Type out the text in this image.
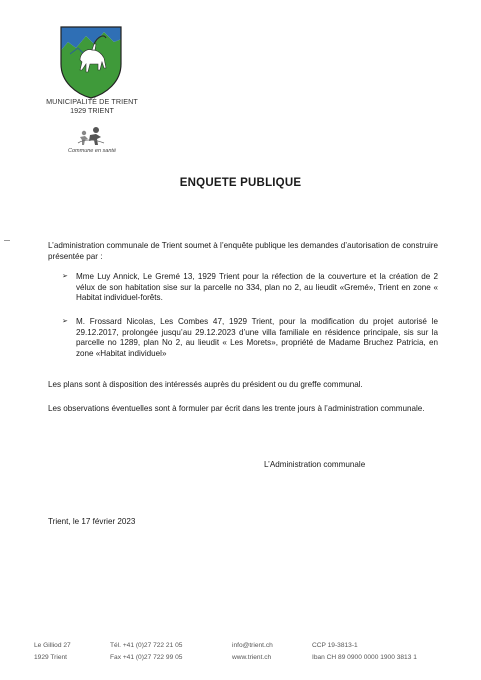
MUNICIPALITÉ DE TRIENT
1929 TRIENT
Commune en santé
ENQUETE PUBLIQUE
L’administration communale de Trient soumet à l’enquête publique les demandes d’autorisation de construire présentée par :
➢ Mme Luy Annick, Le Gremé 13, 1929 Trient pour la réfection de la couverture et la création de 2 vélux de son habitation sise sur la parcelle no 334, plan no 2, au lieudit «Gremé», Trient en zone « Habitat individuel-forêts.
➢ M. Frossard Nicolas, Les Combes 47, 1929 Trient, pour la modification du projet autorisé le 29.12.2017, prolongée jusqu’au 29.12.2023 d’une villa familiale en résidence principale, sis sur la parcelle no 1289, plan No 2, au lieudit « Les Morets», propriété de Madame Bruchez Patricia, en zone «Habitat individuel»
Les plans sont à disposition des intéressés auprès du président ou du greffe communal.
Les observations éventuelles sont à formuler par écrit dans les trente jours à l’administration communale.
L’Administration communale
Trient, le 17 février 2023
Le Gilliod 27
1929 Trient
Tél. +41 (0)27 722 21 05
Fax +41 (0)27 722 99 05
info@trient.ch
www.trient.ch
CCP 19-3813-1
Iban CH 89 0900 0000 1900 3813 1
